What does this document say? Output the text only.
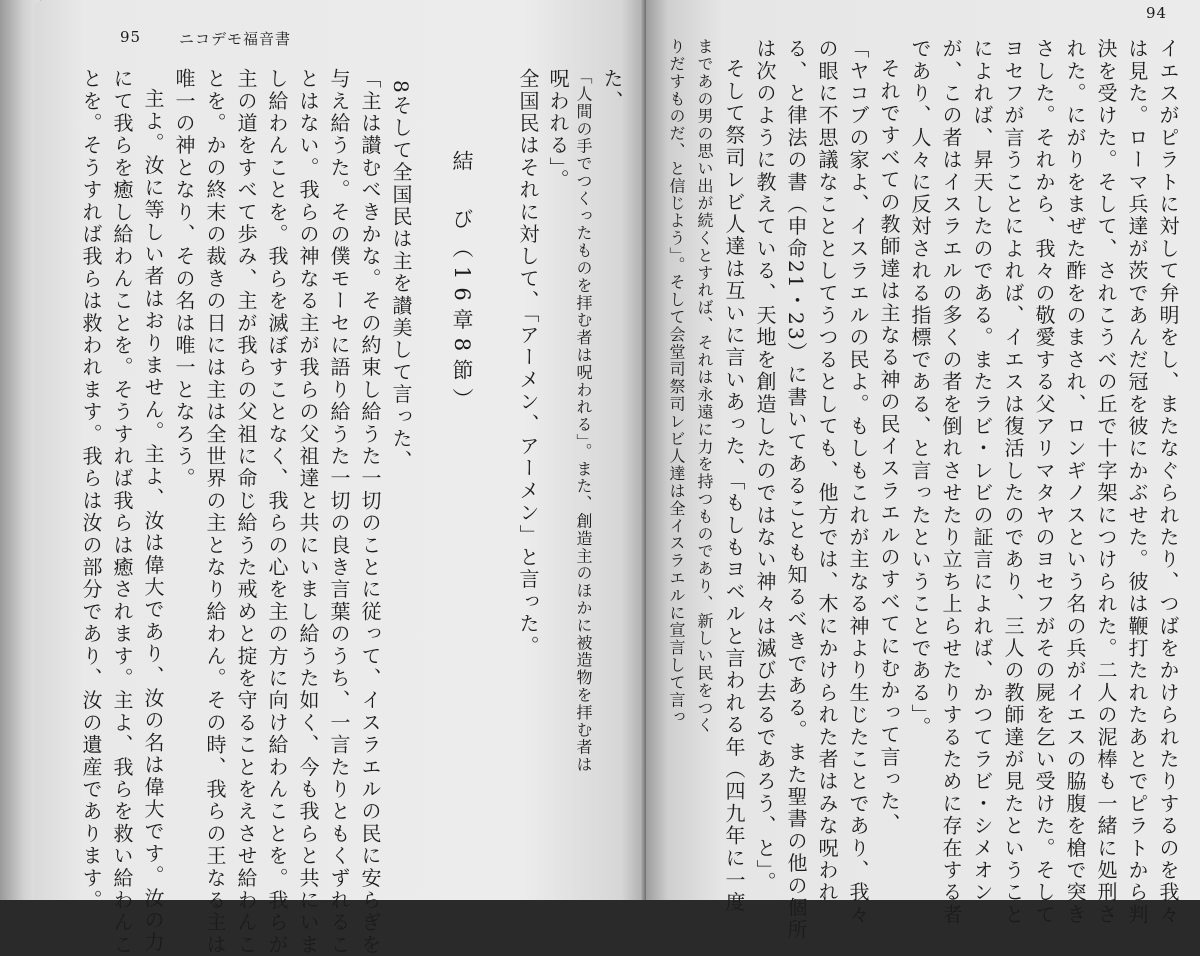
95	ニコデモ福音書
た、
「人間の手でつくったものを拝む者は呪われる」。また、創造主のほかに被造物を拝む者は
呪われる」。
全国民はそれに対して、「アーメン、アーメン」と言った。
結　び（16章8節）
8そして全国民は主を讃美して言った、
「主は讃むべきかな。その約束し給うた一切のことに従って、イスラエルの民に安らぎを
与え給うた。その僕モーセに語り給うた一切の良き言葉のうち、一言たりともくずれるこ
とはない。我らの神なる主が我らの父祖達と共にいまし給うた如く、今も我らと共にいま
し給わんことを。我らを滅ぼすことなく、我らの心を主の方に向け給わんことを。我らが
主の道をすべて歩み、主が我らの父祖に命じ給うた戒めと掟を守ることをえさせ給わんこ
とを。かの終末の裁きの日には主は全世界の主となり給わん。その時、我らの王なる主は
唯一の神となり、その名は唯一となろう。
主よ。汝に等しい者はおりません。主よ、汝は偉大であり、汝の名は偉大です。汝の力
にて我らを癒し給わんことを。そうすれば我らは癒されます。主よ、我らを救い給わんこ
とを。そうすれば我らは救われます。我らは汝の部分であり、汝の遺産であります。
94
イエスがピラトに対して弁明をし、またなぐられたり、つばをかけられたりするのを我々
は見た。ローマ兵達が茨であんだ冠を彼にかぶせた。彼は鞭打たれたあとでピラトから判
決を受けた。そして、されこうべの丘で十字架につけられた。二人の泥棒も一緒に処刑さ
れた。にがりをまぜた酢をのまされ、ロンギノスという名の兵がイエスの脇腹を槍で突き
さした。それから、我々の敬愛する父アリマタヤのヨセフがその屍を乞い受けた。そして
ヨセフが言うことによれば、イエスは復活したのであり、三人の教師達が見たということ
によれば、昇天したのである。またラビ・レビの証言によれば、かつてラビ・シメオン
が、この者はイスラエルの多くの者を倒れさせたり立ち上らせたりするために存在する者
であり、人々に反対される指標である、と言ったということである」。
それですべての教師達は主なる神の民イスラエルのすべてにむかって言った、
「ヤコブの家よ、イスラエルの民よ。もしもこれが主なる神より生じたことであり、我々
の眼に不思議なこととしてうつるとしても、他方では、木にかけられた者はみな呪われ
る、と律法の書（申命21・23）に書いてあることも知るべきである。また聖書の他の個所
は次のように教えている、天地を創造したのではない神々は滅び去るであろう、と」。
そして祭司レビ人達は互いに言いあった、「もしもヨベルと言われる年（四九年に一度
まであの男の思い出が続くとすれば、それは永遠に力を持つものであり、新しい民をつく
りだすものだ、と信じよう」。そして会堂司祭司レビ人達は全イスラエルに宣言して言っ
